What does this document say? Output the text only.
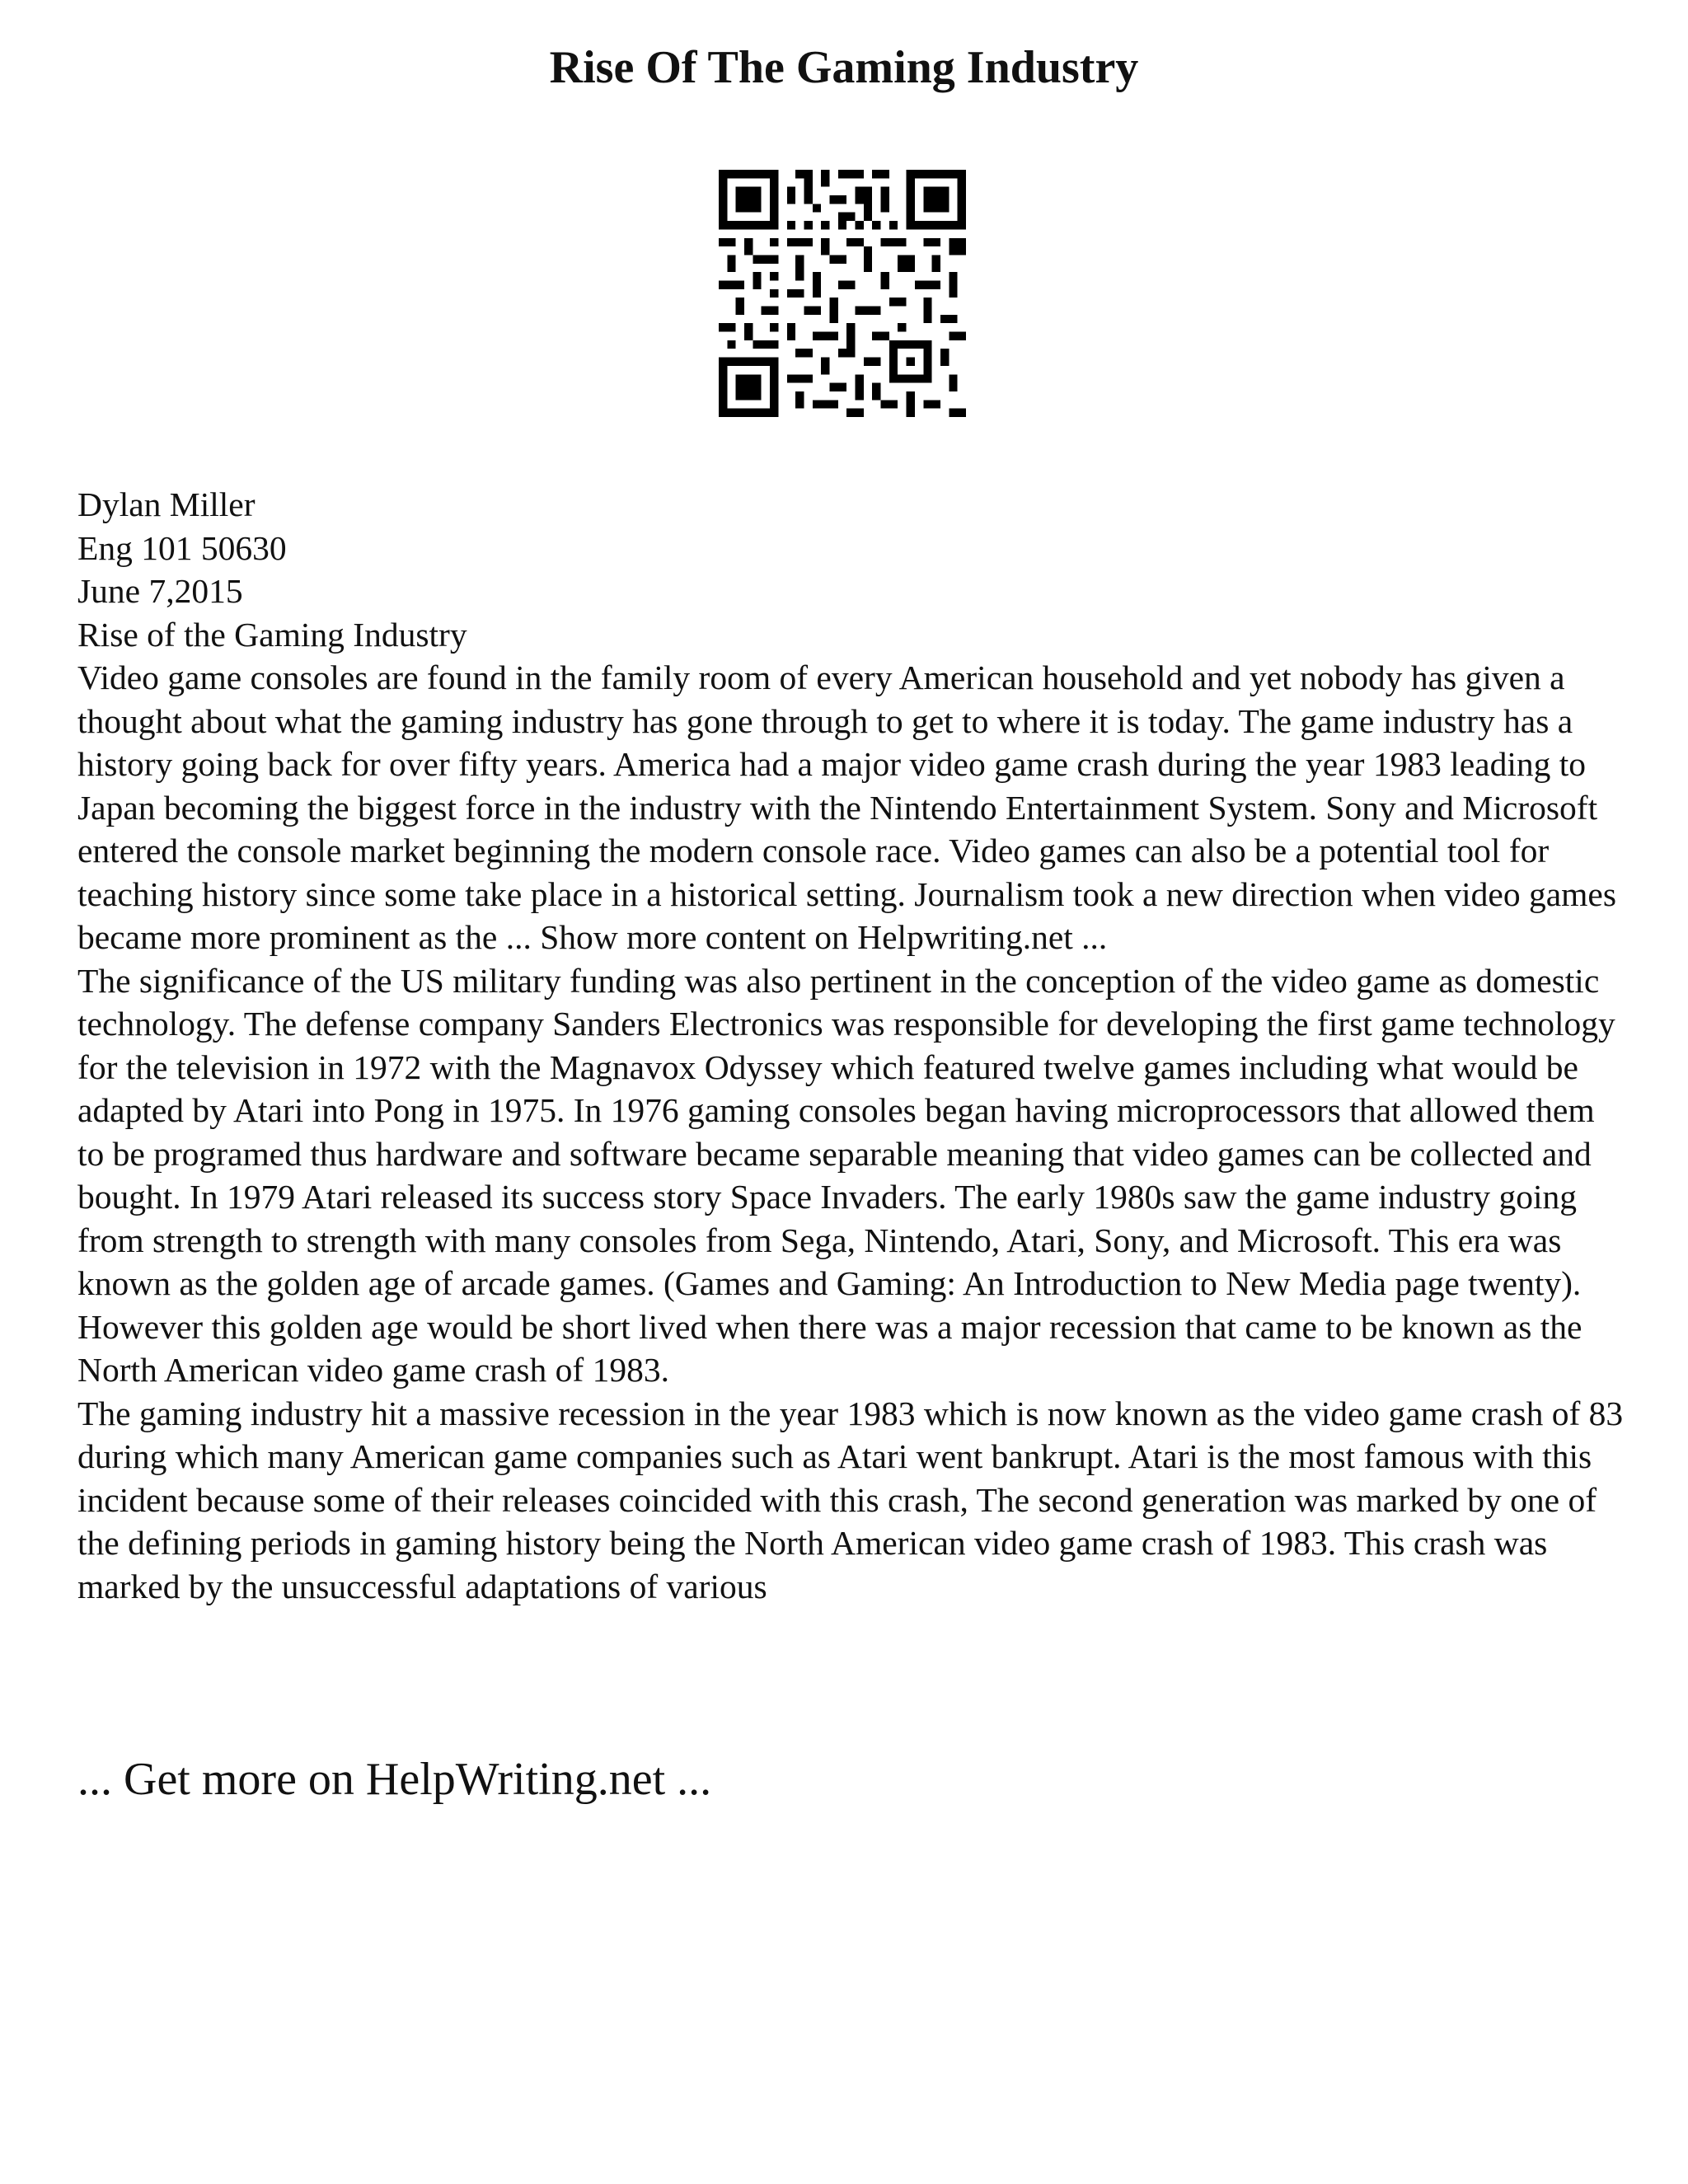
Rise Of The Gaming Industry

Dylan Miller

Eng 101 50630

June 7,2015

Rise of the Gaming Industry

Video game consoles are found in the family room of every American household and yet nobody has given a thought about what the gaming industry has gone through to get to where it is today. The game industry has a history going back for over fifty years. America had a major video game crash during the year 1983 leading to Japan becoming the biggest force in the industry with the Nintendo Entertainment System. Sony and Microsoft entered the console market beginning the modern console race. Video games can also be a potential tool for teaching history since some take place in a historical setting. Journalism took a new direction when video games became more prominent as the ... Show more content on Helpwriting.net ...

The significance of the US military funding was also pertinent in the conception of the video game as domestic technology. The defense company Sanders Electronics was responsible for developing the first game technology for the television in 1972 with the Magnavox Odyssey which featured twelve games including what would be adapted by Atari into Pong in 1975. In 1976 gaming consoles began having microprocessors that allowed them to be programed thus hardware and software became separable meaning that video games can be collected and bought. In 1979 Atari released its success story Space Invaders. The early 1980s saw the game industry going from strength to strength with many consoles from Sega, Nintendo, Atari, Sony, and Microsoft. This era was known as the golden age of arcade games. (Games and Gaming: An Introduction to New Media page twenty). However this golden age would be short lived when there was a major recession that came to be known as the North American video game crash of 1983.

The gaming industry hit a massive recession in the year 1983 which is now known as the video game crash of 83 during which many American game companies such as Atari went bankrupt. Atari is the most famous with this incident because some of their releases coincided with this crash, The second generation was marked by one of the defining periods in gaming history being the North American video game crash of 1983. This crash was marked by the unsuccessful adaptations of various

... Get more on HelpWriting.net ...
